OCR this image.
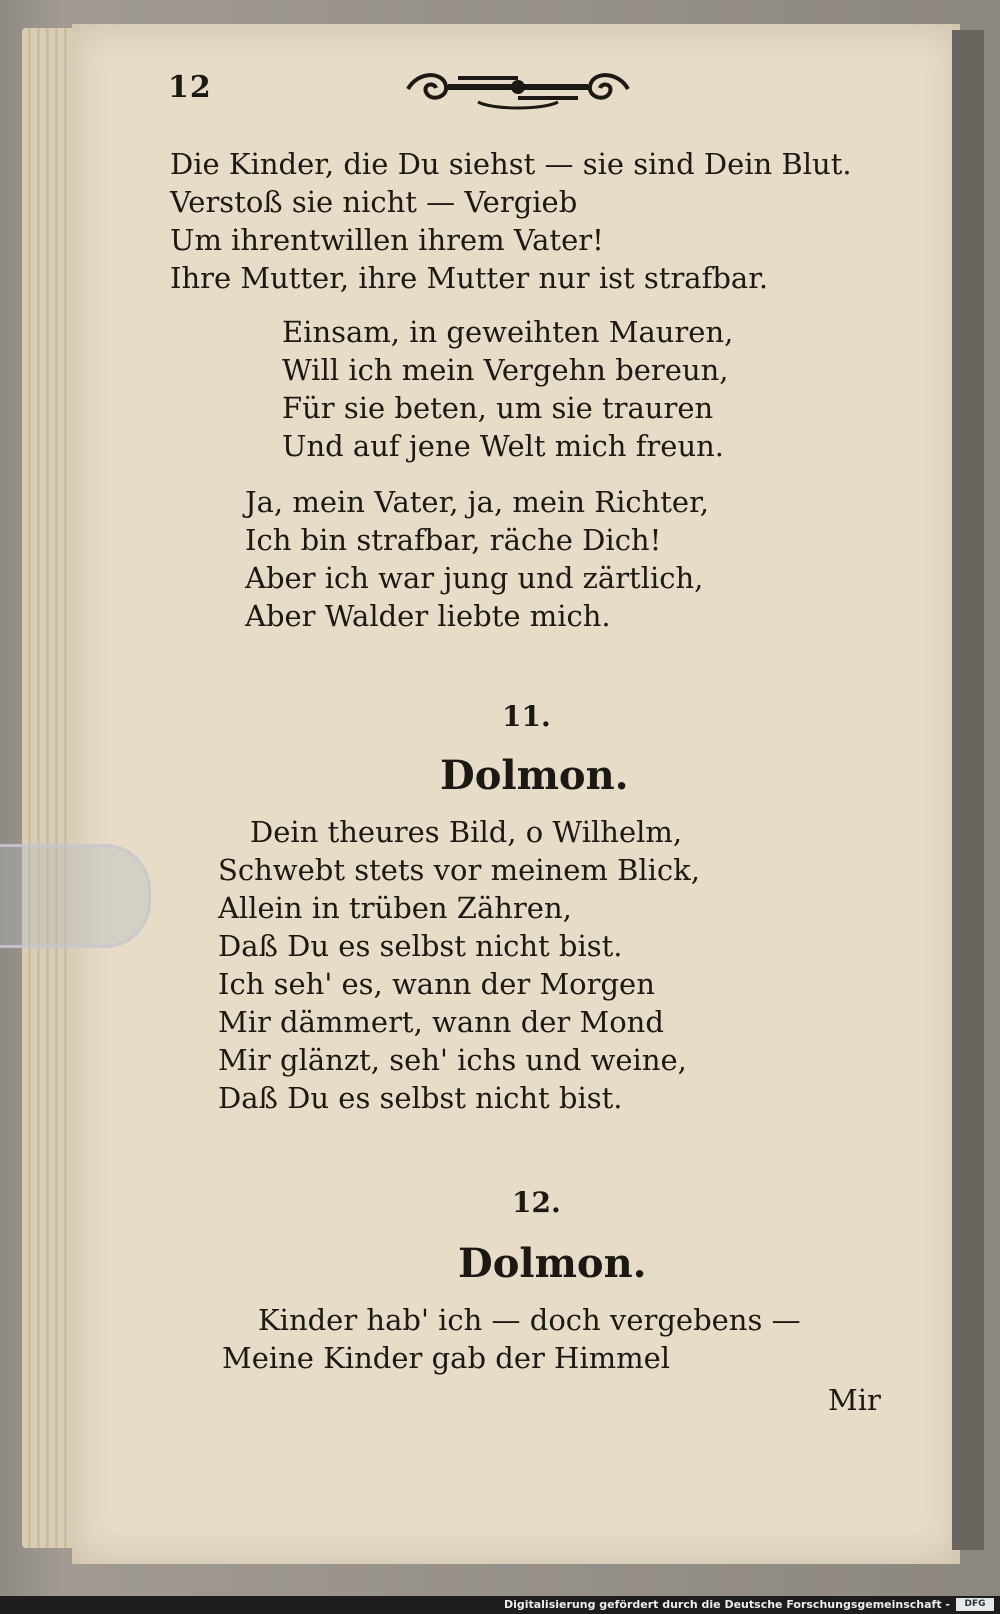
12
Die Kinder, die Du siehst — sie sind Dein Blut.
Verstoß sie nicht — Vergieb
Um ihrentwillen ihrem Vater!
Ihre Mutter, ihre Mutter nur ist strafbar.
Einsam, in geweihten Mauren,
Will ich mein Vergehn bereun,
Für sie beten, um sie trauren
Und auf jene Welt mich freun.
Ja, mein Vater, ja, mein Richter,
Ich bin strafbar, räche Dich!
Aber ich war jung und zärtlich,
Aber Walder liebte mich.
11.
Dolmon.
Dein theures Bild, o Wilhelm,
Schwebt stets vor meinem Blick,
Allein in trüben Zähren,
Daß Du es selbst nicht bist.
Ich seh' es, wann der Morgen
Mir dämmert, wann der Mond
Mir glänzt, seh' ichs und weine,
Daß Du es selbst nicht bist.
12.
Dolmon.
Kinder hab' ich — doch vergebens —
Meine Kinder gab der Himmel
Mir
Digitalisierung gefördert durch die Deutsche Forschungsgemeinschaft -	DFG
